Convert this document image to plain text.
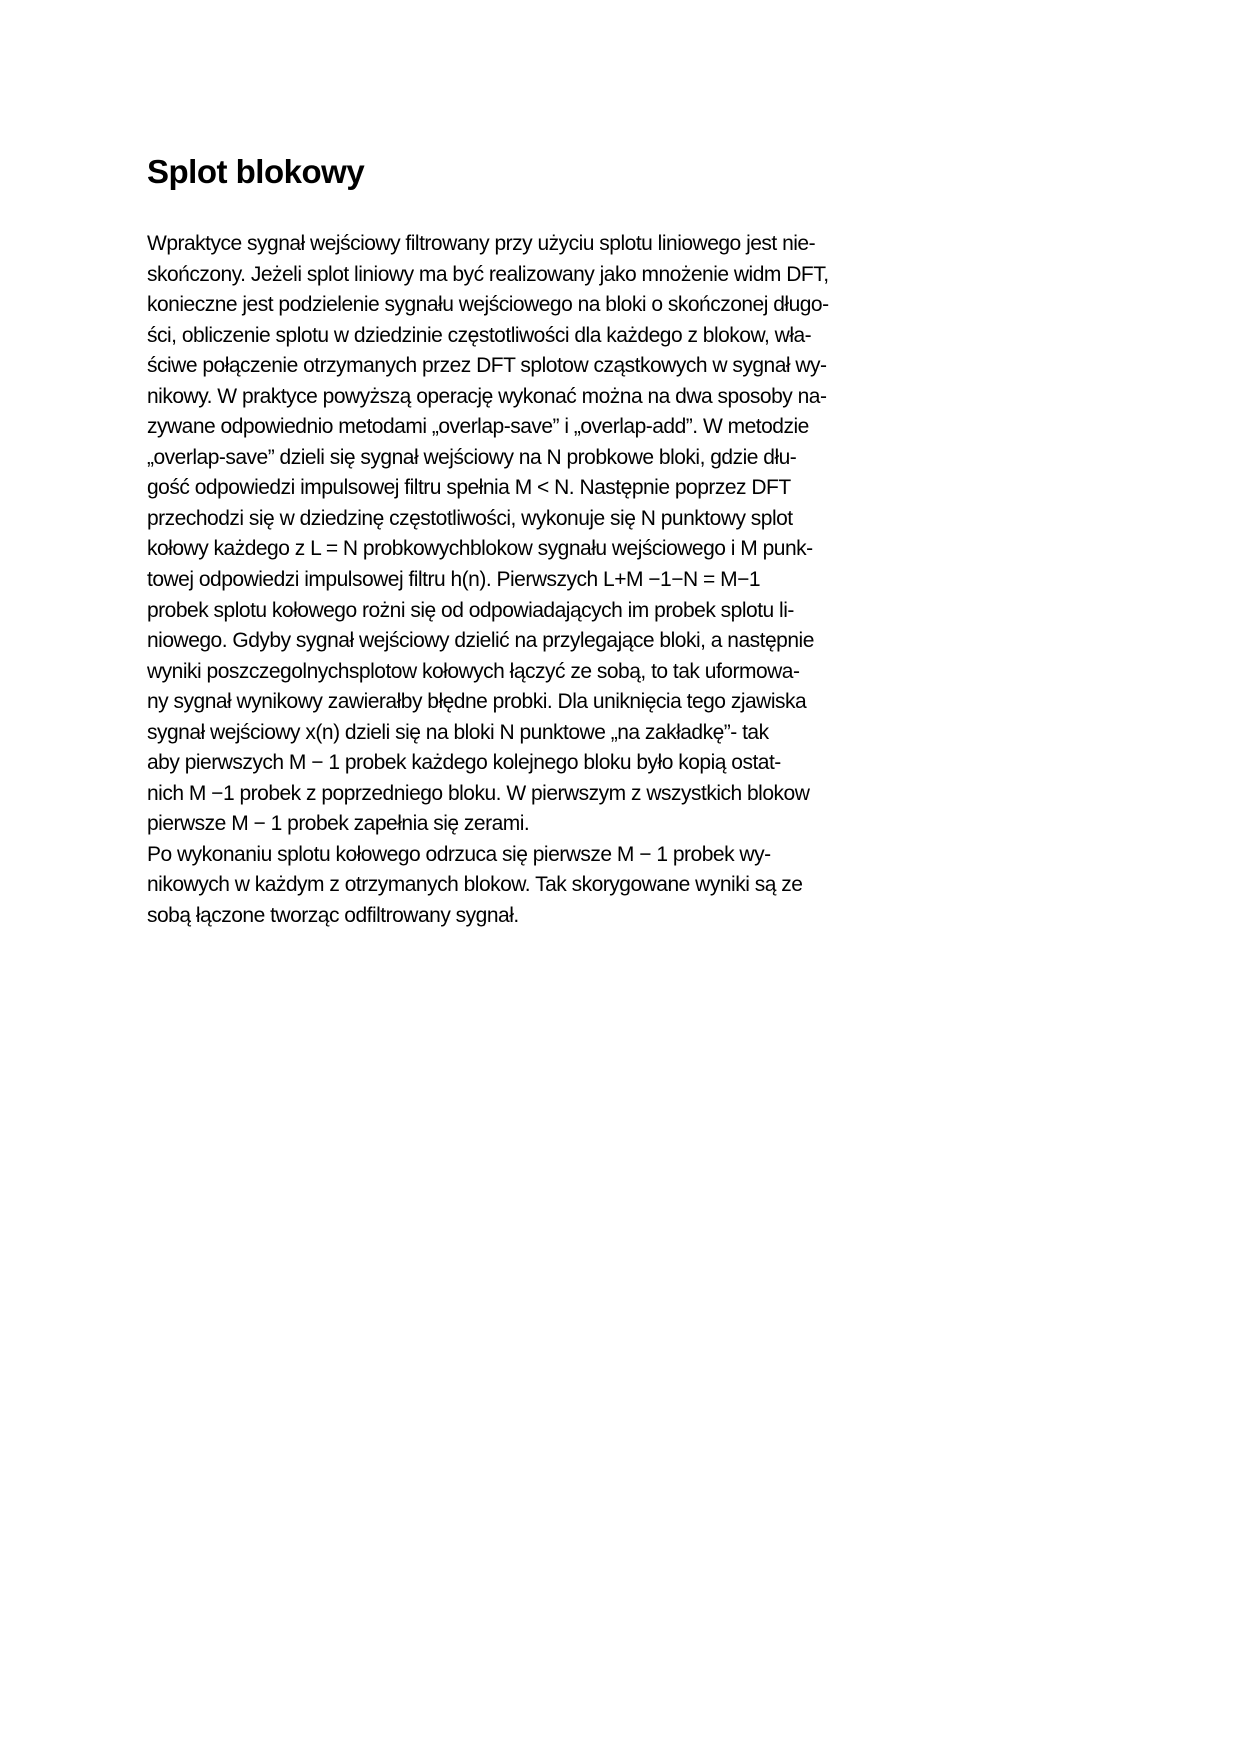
Splot blokowy
Wpraktyce sygnał wejściowy filtrowany przy użyciu splotu liniowego jest nie-
skończony. Jeżeli splot liniowy ma być realizowany jako mnożenie widm DFT,
konieczne jest podzielenie sygnału wejściowego na bloki o skończonej długo-
ści, obliczenie splotu w dziedzinie częstotliwości dla każdego z blokow, wła-
ściwe połączenie otrzymanych przez DFT splotow cząstkowych w sygnał wy-
nikowy. W praktyce powyższą operację wykonać można na dwa sposoby na-
zywane odpowiednio metodami „overlap-save” i „overlap-add”. W metodzie
„overlap-save” dzieli się sygnał wejściowy na N probkowe bloki, gdzie dłu-
gość odpowiedzi impulsowej filtru spełnia M < N. Następnie poprzez DFT
przechodzi się w dziedzinę częstotliwości, wykonuje się N punktowy splot
kołowy każdego z L = N probkowychblokow sygnału wejściowego i M punk-
towej odpowiedzi impulsowej filtru h(n). Pierwszych L+M −1−N = M−1
probek splotu kołowego rożni się od odpowiadających im probek splotu li-
niowego. Gdyby sygnał wejściowy dzielić na przylegające bloki, a następnie
wyniki poszczegolnychsplotow kołowych łączyć ze sobą, to tak uformowa-
ny sygnał wynikowy zawierałby błędne probki. Dla uniknięcia tego zjawiska
sygnał wejściowy x(n) dzieli się na bloki N punktowe „na zakładkę”- tak
aby pierwszych M − 1 probek każdego kolejnego bloku było kopią ostat-
nich M −1 probek z poprzedniego bloku. W pierwszym z wszystkich blokow
pierwsze M − 1 probek zapełnia się zerami.
Po wykonaniu splotu kołowego odrzuca się pierwsze M − 1 probek wy-
nikowych w każdym z otrzymanych blokow. Tak skorygowane wyniki są ze
sobą łączone tworząc odfiltrowany sygnał.
